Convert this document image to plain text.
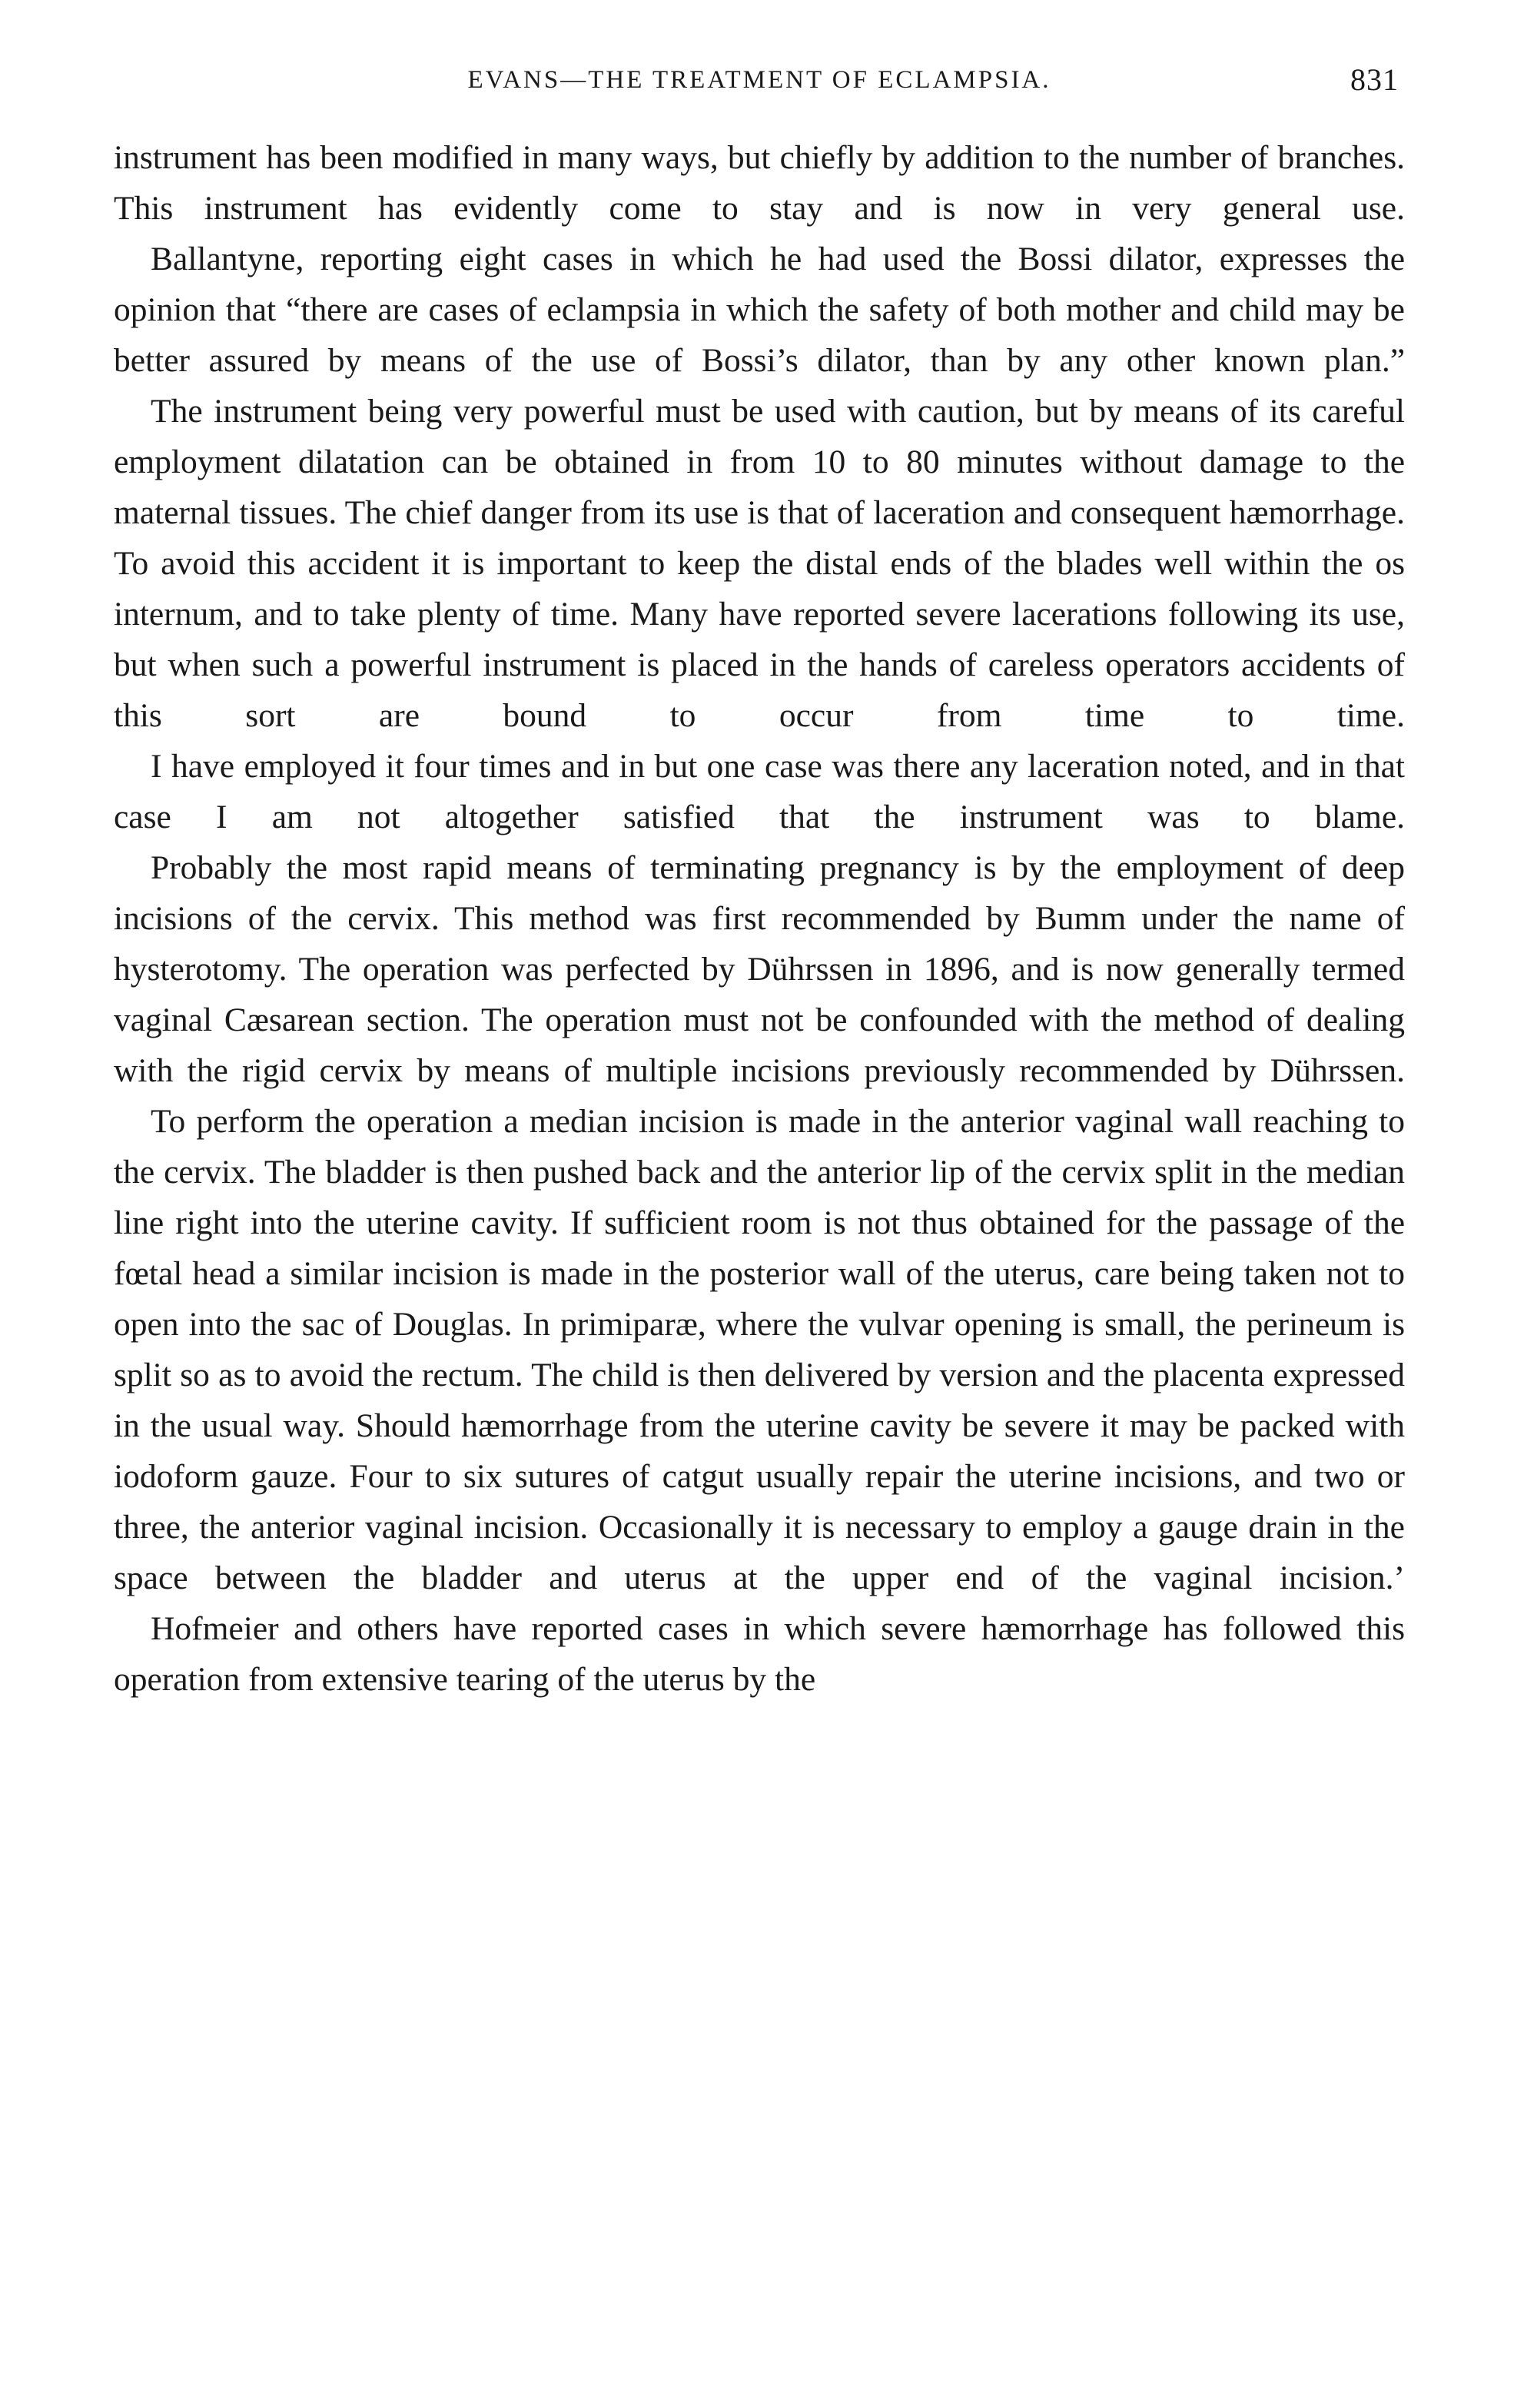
EVANS—THE TREATMENT OF ECLAMPSIA.	831

instrument has been modified in many ways, but chiefly by addition to the number of branches. This instrument has evidently come to stay and is now in very general use.

Ballantyne, reporting eight cases in which he had used the Bossi dilator, expresses the opinion that “there are cases of eclampsia in which the safety of both mother and child may be better assured by means of the use of Bossi’s dilator, than by any other known plan.”

The instrument being very powerful must be used with caution, but by means of its careful employment dilatation can be obtained in from 10 to 80 minutes without damage to the maternal tissues. The chief danger from its use is that of laceration and consequent hæmorrhage. To avoid this accident it is important to keep the distal ends of the blades well within the os internum, and to take plenty of time. Many have reported severe lacerations following its use, but when such a powerful instrument is placed in the hands of careless operators accidents of this sort are bound to occur from time to time.

I have employed it four times and in but one case was there any laceration noted, and in that case I am not altogether satisfied that the instrument was to blame.

Probably the most rapid means of terminating pregnancy is by the employment of deep incisions of the cervix. This method was first recommended by Bumm under the name of hysterotomy. The operation was perfected by Dührssen in 1896, and is now generally termed vaginal Cæsarean section. The operation must not be confounded with the method of dealing with the rigid cervix by means of multiple incisions previously recommended by Dührssen.

To perform the operation a median incision is made in the anterior vaginal wall reaching to the cervix. The bladder is then pushed back and the anterior lip of the cervix split in the median line right into the uterine cavity. If sufficient room is not thus obtained for the passage of the fœtal head a similar incision is made in the posterior wall of the uterus, care being taken not to open into the sac of Douglas. In primiparæ, where the vulvar opening is small, the perineum is split so as to avoid the rectum. The child is then delivered by version and the placenta expressed in the usual way. Should hæmorrhage from the uterine cavity be severe it may be packed with iodoform gauze. Four to six sutures of catgut usually repair the uterine incisions, and two or three, the anterior vaginal incision. Occasionally it is necessary to employ a gauge drain in the space between the bladder and uterus at the upper end of the vaginal incision.’

Hofmeier and others have reported cases in which severe hæmorrhage has followed this operation from extensive tearing of the uterus by the
